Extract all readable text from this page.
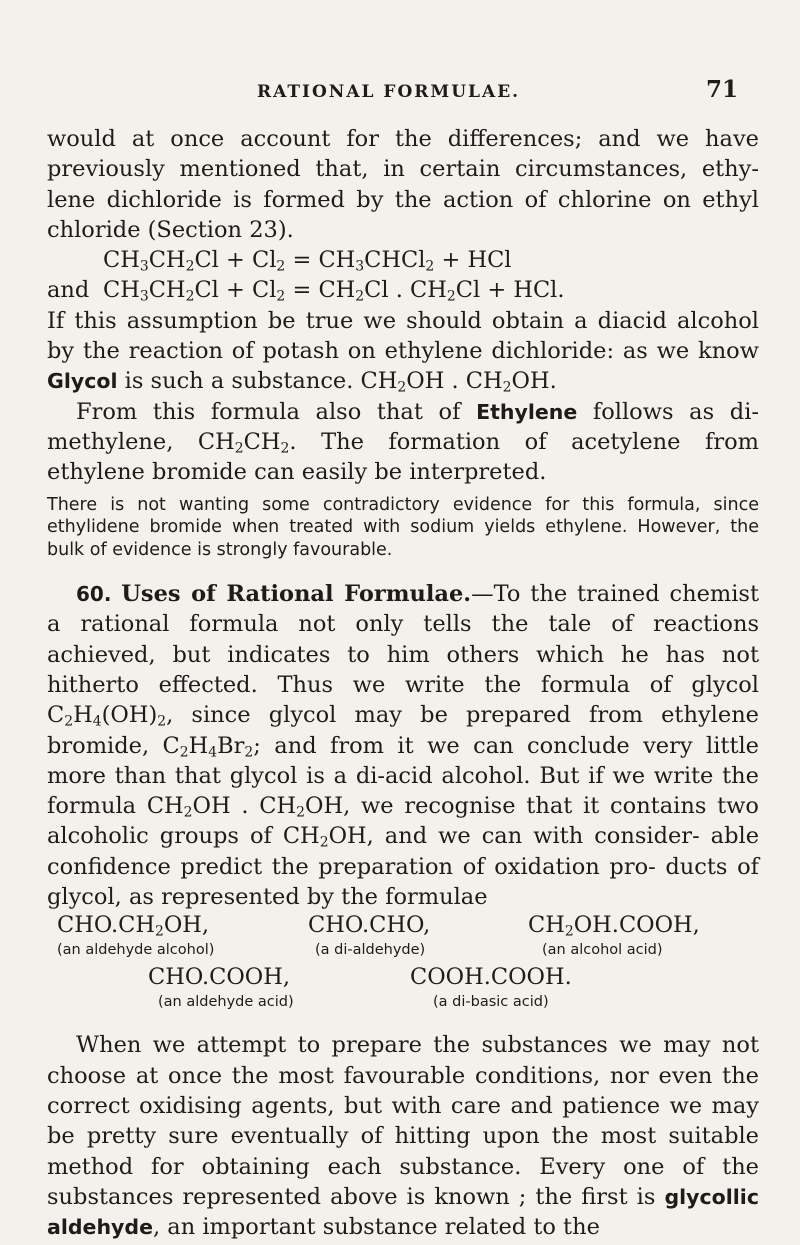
RATIONAL FORMULAE.	71

would at once account for the differences; and we have previously mentioned that, in certain circumstances, ethy- lene dichloride is formed by the action of chlorine on ethyl chloride (Section 23).

$CH_3CH_2Cl + Cl_2$ = $CH_3CHCl_2$ + HCl
and $CH_3CH_2Cl + Cl_2 = CH_2Cl$ . $CH_2Cl$ + HCl.

If this assumption be true we should obtain a diacid alcohol by the reaction of potash on ethylene dichloride: as we know Glycol is such a substance. $CH_2OH$ . $CH_2OH$.

From this formula also that of Ethylene follows as di-methylene, $CH_2CH_2$. The formation of acetylene from ethylene bromide can easily be interpreted.

There is not wanting some contradictory evidence for this formula, since ethylidene bromide when treated with sodium yields ethylene. However, the bulk of evidence is strongly favourable.

60. Uses of Rational Formulae.—To the trained chemist a rational formula not only tells the tale of reactions achieved, but indicates to him others which he has not hitherto effected. Thus we write the formula of glycol $C_2H_4(OH)_2$, since glycol may be prepared from ethylene bromide, $C_2H_4Br_2$; and from it we can conclude very little more than that glycol is a di-acid alcohol. But if we write the formula $CH_2OH$ . $CH_2OH$, we recognise that it contains two alcoholic groups of $CH_2OH$, and we can with consider- able confidence predict the preparation of oxidation pro- ducts of glycol, as represented by the formulae

$CHO.CH_2OH$,	CHO.CHO,	$CH_2OH.COOH$,
(an aldehyde alcohol)	(a di-aldehyde)	(an alcohol acid)
CHO.COOH,	COOH.COOH.
(an aldehyde acid)	(a di-basic acid)

When we attempt to prepare the substances we may not choose at once the most favourable conditions, nor even the correct oxidising agents, but with care and patience we may be pretty sure eventually of hitting upon the most suitable method for obtaining each substance. Every one of the substances represented above is known ; the first is glycollic aldehyde, an important substance related to the
